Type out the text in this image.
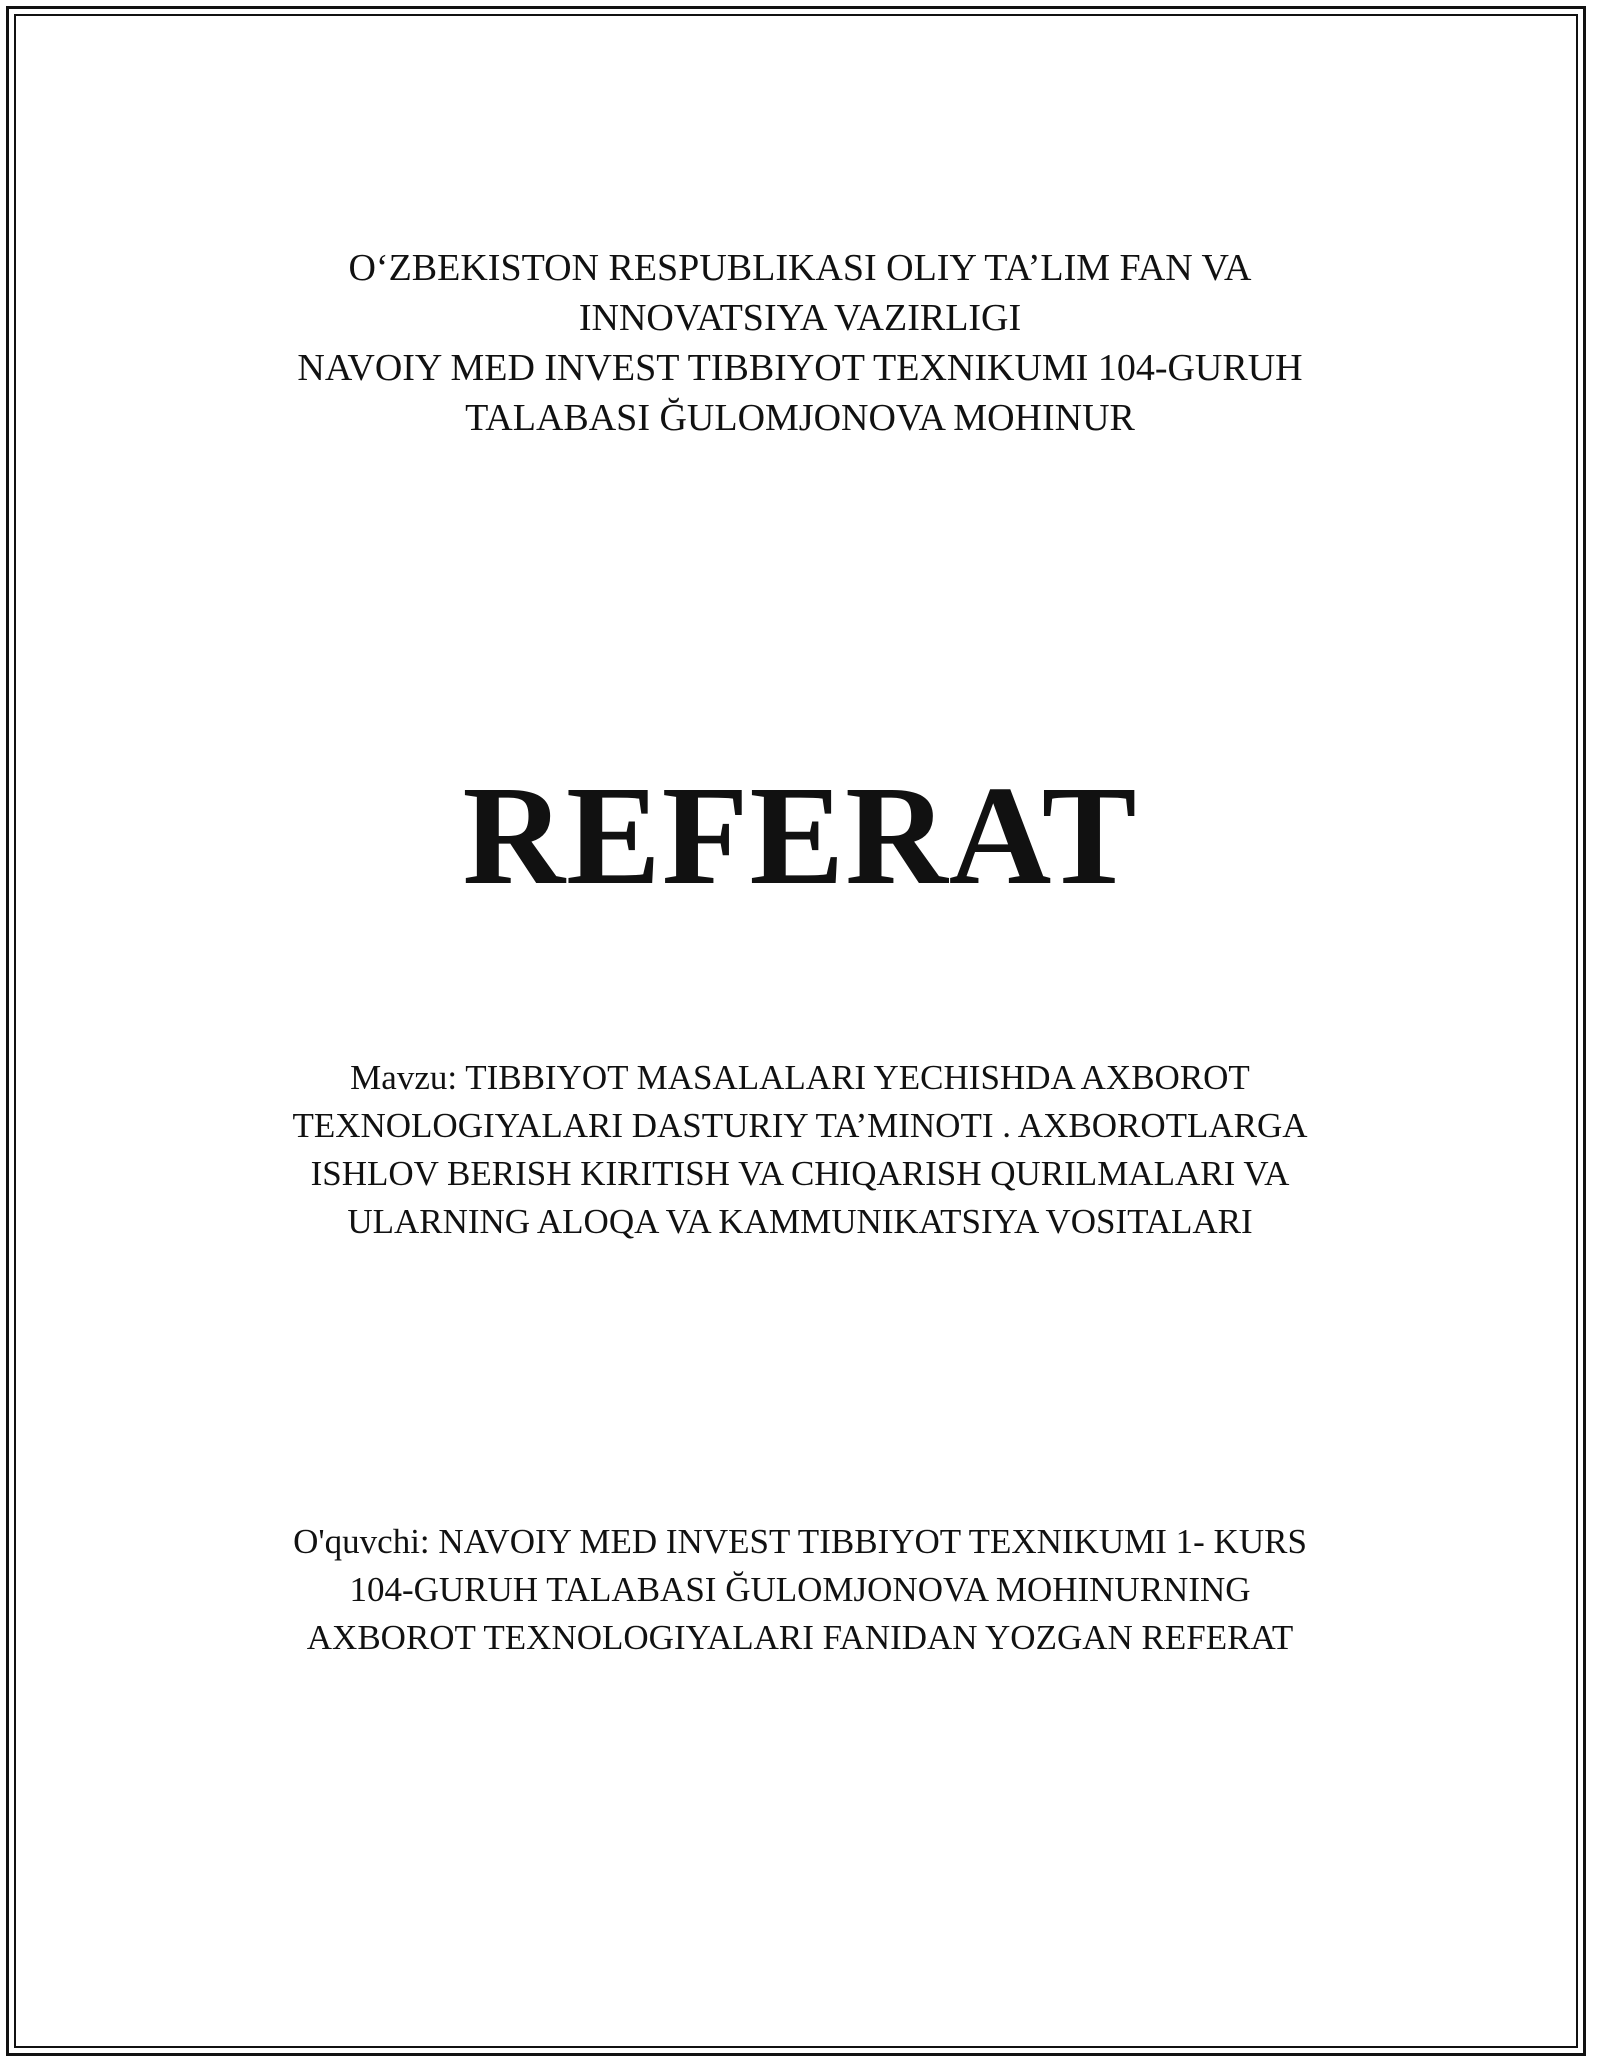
O‘ZBEKISTON RESPUBLIKASI OLIY TA’LIM FAN VA
INNOVATSIYA VAZIRLIGI
NAVOIY MED INVEST TIBBIYOT TEXNIKUMI 104-GURUH
TALABASI ĞULOMJONOVA MOHINUR
REFERAT
Mavzu: TIBBIYOT MASALALARI YECHISHDA AXBOROT
TEXNOLOGIYALARI DASTURIY TA’MINOTI . AXBOROTLARGA
ISHLOV BERISH KIRITISH VA CHIQARISH QURILMALARI VA
ULARNING ALOQA VA KAMMUNIKATSIYA VOSITALARI
O'quvchi: NAVOIY MED INVEST TIBBIYOT TEXNIKUMI 1- KURS
104-GURUH TALABASI ĞULOMJONOVA MOHINURNING
AXBOROT TEXNOLOGIYALARI FANIDAN YOZGAN REFERAT
